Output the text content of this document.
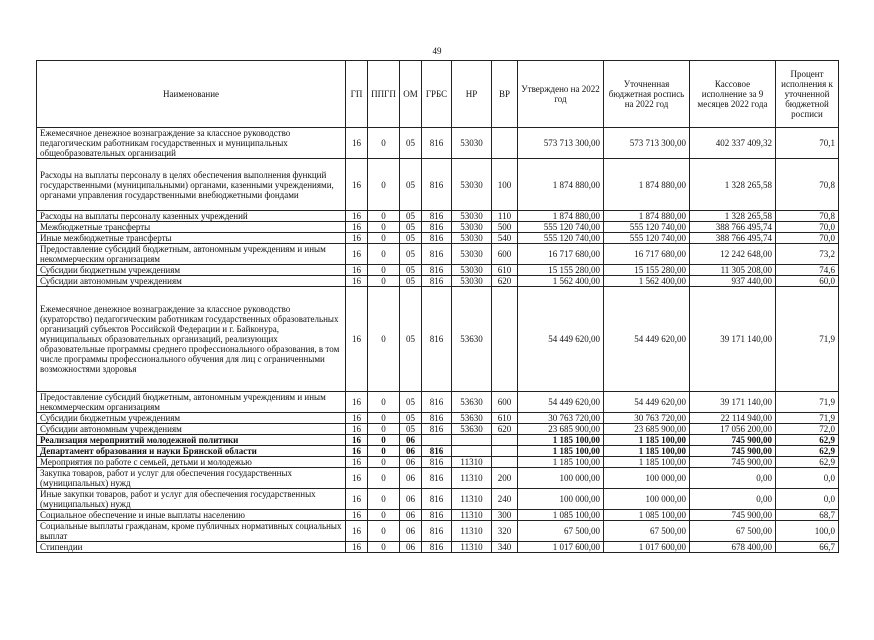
49
Наименование	ГП	ППГП	ОМ	ГРБС	НР	ВР	Утверждено на 2022 год	Уточненная бюджетная роспись на 2022 год	Кассовое исполнение за 9 месяцев 2022 года	Процент исполнения к уточненной бюджетной росписи
Ежемесячное денежное вознаграждение за классное руководство педагогическим работникам государственных и муниципальных общеобразовательных организаций	16	0	05	816	53030		573 713 300,00	573 713 300,00	402 337 409,32	70,1
Расходы на выплаты персоналу в целях обеспечения выполнения функций государственными (муниципальными) органами, казенными учреждениями, органами управления государственными внебюджетными фондами	16	0	05	816	53030	100	1 874 880,00	1 874 880,00	1 328 265,58	70,8
Расходы на выплаты персоналу казенных учреждений	16	0	05	816	53030	110	1 874 880,00	1 874 880,00	1 328 265,58	70,8
Межбюджетные трансферты	16	0	05	816	53030	500	555 120 740,00	555 120 740,00	388 766 495,74	70,0
Иные межбюджетные трансферты	16	0	05	816	53030	540	555 120 740,00	555 120 740,00	388 766 495,74	70,0
Предоставление субсидий бюджетным, автономным учреждениям и иным некоммерческим организациям	16	0	05	816	53030	600	16 717 680,00	16 717 680,00	12 242 648,00	73,2
Субсидии бюджетным учреждениям	16	0	05	816	53030	610	15 155 280,00	15 155 280,00	11 305 208,00	74,6
Субсидии автономным учреждениям	16	0	05	816	53030	620	1 562 400,00	1 562 400,00	937 440,00	60,0
Ежемесячное денежное вознаграждение за классное руководство (кураторство) педагогическим работникам государственных образовательных организаций субъектов Российской Федерации и г. Байконура, муниципальных образовательных организаций, реализующих образовательные программы среднего профессионального образования, в том числе программы профессионального обучения для лиц с ограниченными возможностями здоровья	16	0	05	816	53630		54 449 620,00	54 449 620,00	39 171 140,00	71,9
Предоставление субсидий бюджетным, автономным учреждениям и иным некоммерческим организациям	16	0	05	816	53630	600	54 449 620,00	54 449 620,00	39 171 140,00	71,9
Субсидии бюджетным учреждениям	16	0	05	816	53630	610	30 763 720,00	30 763 720,00	22 114 940,00	71,9
Субсидии автономным учреждениям	16	0	05	816	53630	620	23 685 900,00	23 685 900,00	17 056 200,00	72,0
Реализация мероприятий молодежной политики	16	0	06				1 185 100,00	1 185 100,00	745 900,00	62,9
Департамент образования и науки Брянской области	16	0	06	816			1 185 100,00	1 185 100,00	745 900,00	62,9
Мероприятия по работе с семьей, детьми и молодежью	16	0	06	816	11310		1 185 100,00	1 185 100,00	745 900,00	62,9
Закупка товаров, работ и услуг для обеспечения государственных (муниципальных) нужд	16	0	06	816	11310	200	100 000,00	100 000,00	0,00	0,0
Иные закупки товаров, работ и услуг для обеспечения государственных (муниципальных) нужд	16	0	06	816	11310	240	100 000,00	100 000,00	0,00	0,0
Социальное обеспечение и иные выплаты населению	16	0	06	816	11310	300	1 085 100,00	1 085 100,00	745 900,00	68,7
Социальные выплаты гражданам, кроме публичных нормативных социальных выплат	16	0	06	816	11310	320	67 500,00	67 500,00	67 500,00	100,0
Стипендии	16	0	06	816	11310	340	1 017 600,00	1 017 600,00	678 400,00	66,7
